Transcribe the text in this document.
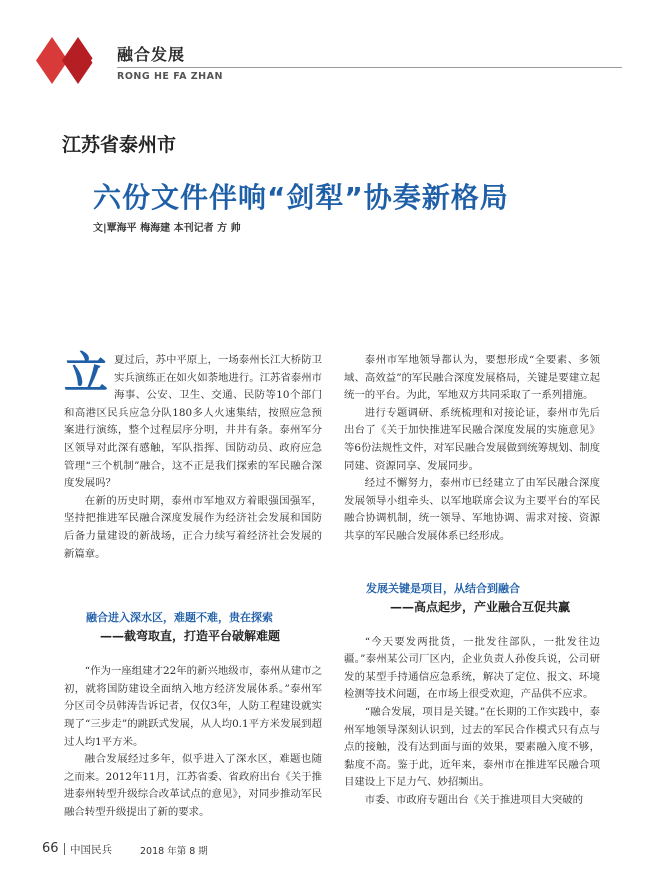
融合发展
RONG HE FA ZHAN
江苏省泰州市
六份文件伴响“剑犁”协奏新格局
文|覃海平 梅海建 本刊记者 方 帅

立夏过后，苏中平原上，一场泰州长江大桥防卫实兵演练正在如火如荼地进行。江苏省泰州市海事、公安、卫生、交通、民防等10个部门和高港区民兵应急分队180多人火速集结，按照应急预案进行演练，整个过程层序分明，井井有条。泰州军分区领导对此深有感触，军队指挥、国防动员、政府应急管理“三个机制”融合，这不正是我们探索的军民融合深度发展吗？

在新的历史时期，泰州市军地双方着眼强国强军，坚持把推进军民融合深度发展作为经济社会发展和国防后备力量建设的新战场，正合力续写着经济社会发展的新篇章。

融合进入深水区，难题不难，贵在探索

——截弯取直，打造平台破解难题

“作为一座组建才22年的新兴地级市，泰州从建市之初，就将国防建设全面纳入地方经济发展体系。”泰州军分区司令员韩涛告诉记者，仅仅3年，人防工程建设就实现了“三步走”的跳跃式发展，从人均0.1平方米发展到超过人均1平方米。

融合发展经过多年，似乎进入了深水区，难题也随之而来。2012年11月，江苏省委、省政府出台《关于推进泰州转型升级综合改革试点的意见》，对同步推动军民融合转型升级提出了新的要求。

泰州市军地领导都认为，要想形成“全要素、多领域、高效益”的军民融合深度发展格局，关键是要建立起统一的平台。为此，军地双方共同采取了一系列措施。

进行专题调研、系统梳理和对接论证，泰州市先后出台了《关于加快推进军民融合深度发展的实施意见》等6份法规性文件，对军民融合发展做到统筹规划、制度同建、资源同享、发展同步。

经过不懈努力，泰州市已经建立了由军民融合深度发展领导小组牵头、以军地联席会议为主要平台的军民融合协调机制，统一领导、军地协调、需求对接、资源共享的军民融合发展体系已经形成。

发展关键是项目，从结合到融合

——高点起步，产业融合互促共赢

“今天要发两批货，一批发往部队，一批发往边疆。”泰州某公司厂区内，企业负责人孙俊兵说，公司研发的某型手持通信应急系统，解决了定位、报文、环境检测等技术问题，在市场上很受欢迎，产品供不应求。

“融合发展，项目是关键。”在长期的工作实践中，泰州军地领导深刻认识到，过去的军民合作模式只有点与点的接触，没有达到面与面的效果，要素融入度不够，黏度不高。鉴于此，近年来，泰州市在推进军民融合项目建设上下足力气、妙招频出。

市委、市政府专题出台《关于推进项目大突破的

66 中国民兵	2018 年第 8 期
